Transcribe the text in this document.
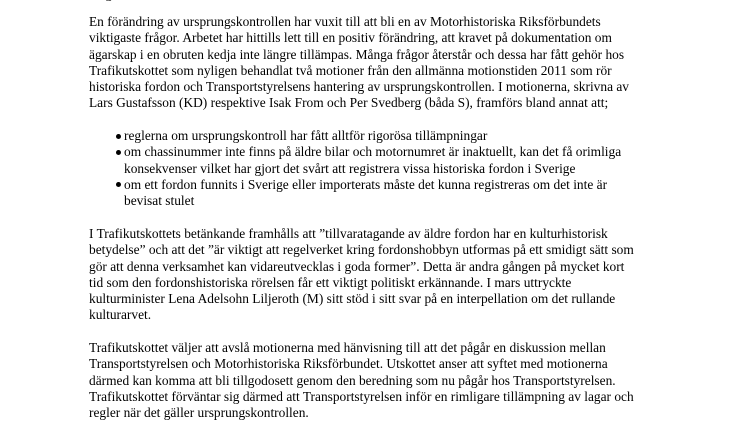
En förändring av ursprungskontrollen har vuxit till att bli en av Motorhistoriska Riksförbundets
viktigaste frågor. Arbetet har hittills lett till en positiv förändring, att kravet på dokumentation om
ägarskap i en obruten kedja inte längre tillämpas. Många frågor återstår och dessa har fått gehör hos
Trafikutskottet som nyligen behandlat två motioner från den allmänna motionstiden 2011 som rör
historiska fordon och Transportstyrelsens hantering av ursprungskontrollen. I motionerna, skrivna av
Lars Gustafsson (KD) respektive Isak From och Per Svedberg (båda S), framförs bland annat att;

reglerna om ursprungskontroll har fått alltför rigorösa tillämpningar
om chassinummer inte finns på äldre bilar och motornumret är inaktuellt, kan det få orimliga
konsekvenser vilket har gjort det svårt att registrera vissa historiska fordon i Sverige
om ett fordon funnits i Sverige eller importerats måste det kunna registreras om det inte är
bevisat stulet

I Trafikutskottets betänkande framhålls att ”tillvaratagande av äldre fordon har en kulturhistorisk
betydelse” och att det ”är viktigt att regelverket kring fordonshobbyn utformas på ett smidigt sätt som
gör att denna verksamhet kan vidareutvecklas i goda former”. Detta är andra gången på mycket kort
tid som den fordonshistoriska rörelsen får ett viktigt politiskt erkännande. I mars uttryckte
kulturminister Lena Adelsohn Liljeroth (M) sitt stöd i sitt svar på en interpellation om det rullande
kulturarvet.

Trafikutskottet väljer att avslå motionerna med hänvisning till att det pågår en diskussion mellan
Transportstyrelsen och Motorhistoriska Riksförbundet. Utskottet anser att syftet med motionerna
därmed kan komma att bli tillgodosett genom den beredning som nu pågår hos Transportstyrelsen.
Trafikutskottet förväntar sig därmed att Transportstyrelsen inför en rimligare tillämpning av lagar och
regler när det gäller ursprungskontrollen.
